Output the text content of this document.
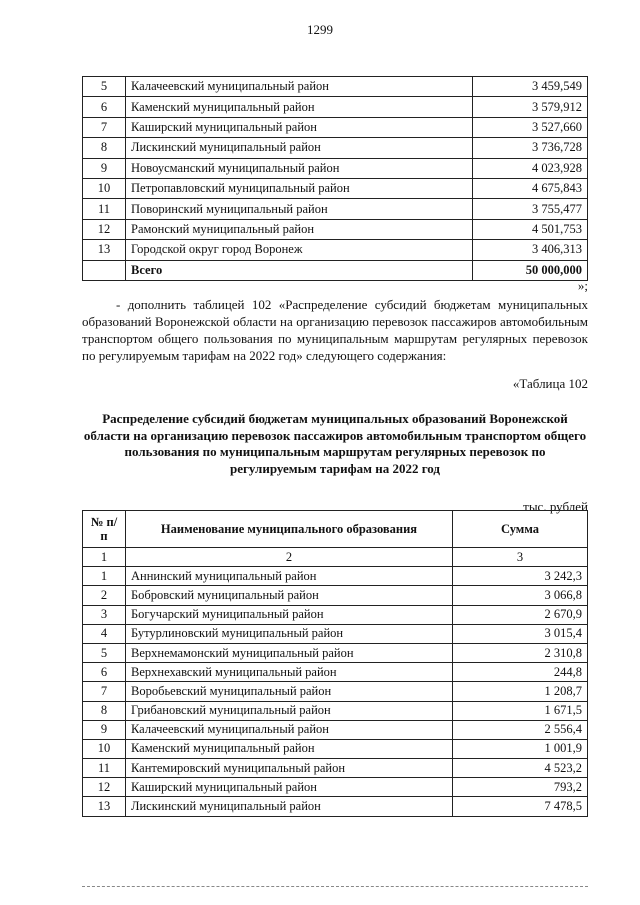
1299
5	Калачеевский муниципальный район	3 459,549
6	Каменский муниципальный район	3 579,912
7	Каширский муниципальный район	3 527,660
8	Лискинский муниципальный район	3 736,728
9	Новоусманский муниципальный район	4 023,928
10	Петропавловский муниципальный район	4 675,843
11	Поворинский муниципальный район	3 755,477
12	Рамонский муниципальный район	4 501,753
13	Городской округ город Воронеж	3 406,313
	Всего	50 000,000
»;
- дополнить таблицей 102 «Распределение субсидий бюджетам муниципальных образований Воронежской области на организацию перевозок пассажиров автомобильным транспортом общего пользования по муниципальным маршрутам регулярных перевозок по регулируемым тарифам на 2022 год» следующего содержания:
«Таблица 102
Распределение субсидий бюджетам муниципальных образований Воронежской области на организацию перевозок пассажиров автомобильным транспортом общего пользования по муниципальным маршрутам регулярных перевозок по регулируемым тарифам на 2022 год
тыс. рублей
№ п/п	Наименование муниципального образования	Сумма
1	2	3
1	Аннинский муниципальный район	3 242,3
2	Бобровский муниципальный район	3 066,8
3	Богучарский муниципальный район	2 670,9
4	Бутурлиновский муниципальный район	3 015,4
5	Верхнемамонский муниципальный район	2 310,8
6	Верхнехавский муниципальный район	244,8
7	Воробьевский муниципальный район	1 208,7
8	Грибановский муниципальный район	1 671,5
9	Калачеевский муниципальный район	2 556,4
10	Каменский муниципальный район	1 001,9
11	Кантемировский муниципальный район	4 523,2
12	Каширский муниципальный район	793,2
13	Лискинский муниципальный район	7 478,5
